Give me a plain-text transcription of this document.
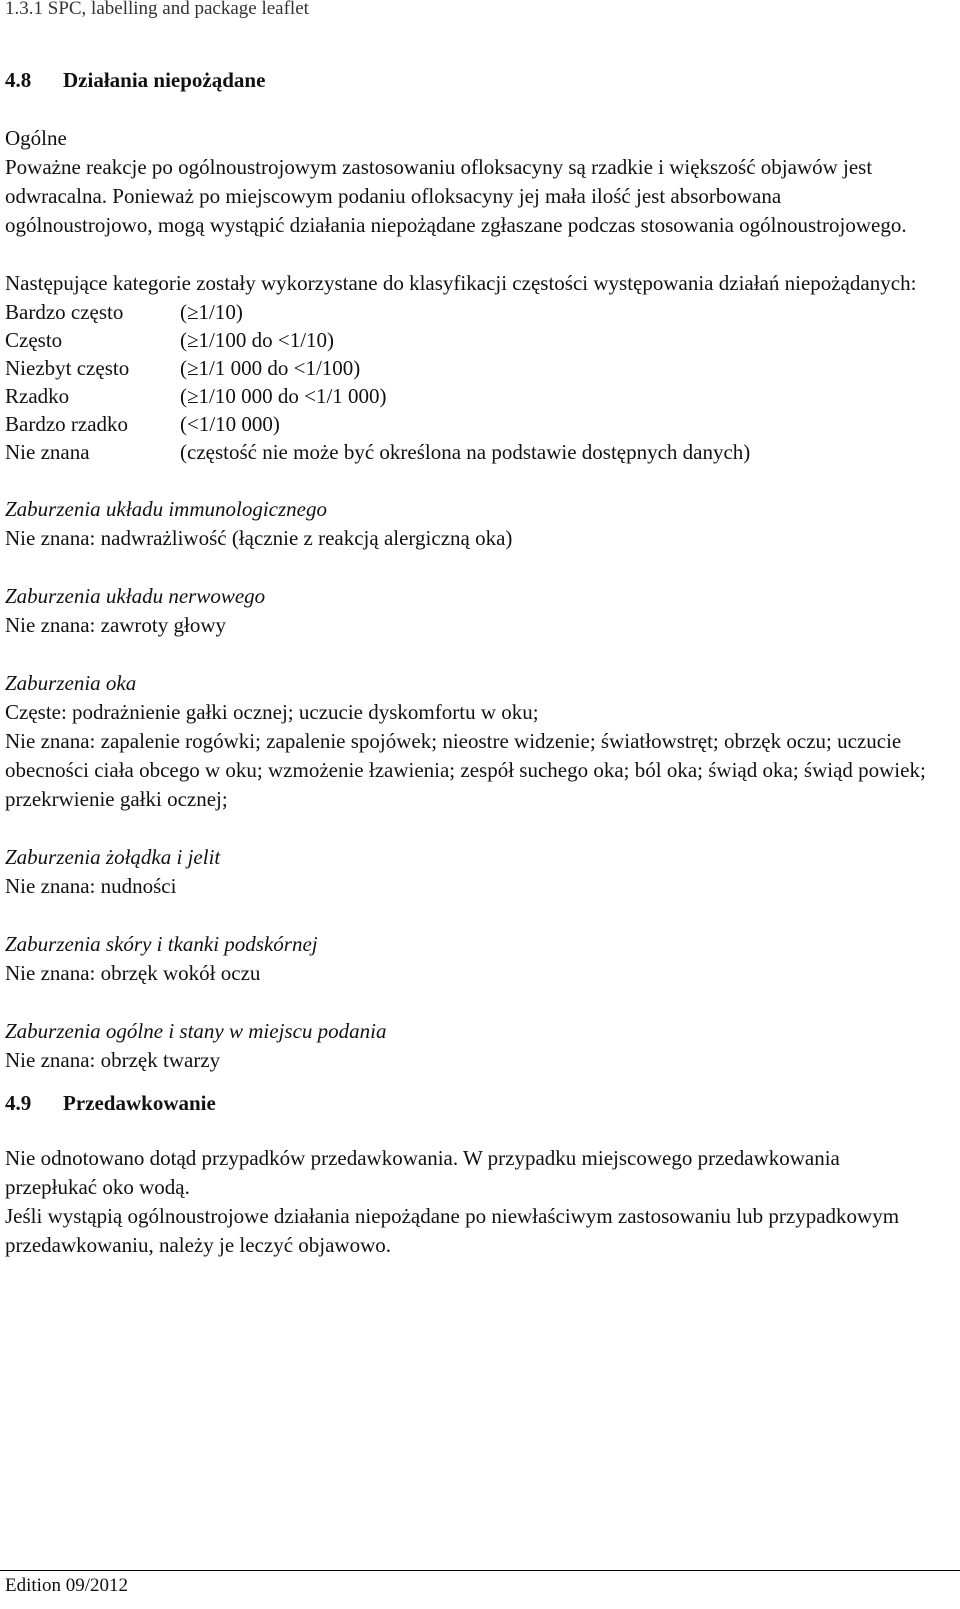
1.3.1 SPC, labelling and package leaflet
4.8	Działania niepożądane

Ogólne

Poważne reakcje po ogólnoustrojowym zastosowaniu ofloksacyny są rzadkie i większość objawów jest odwracalna. Ponieważ po miejscowym podaniu ofloksacyny jej mała ilość jest absorbowana ogólnoustrojowo, mogą wystąpić działania niepożądane zgłaszane podczas stosowania ogólnoustrojowego.

Następujące kategorie zostały wykorzystane do klasyfikacji częstości występowania działań niepożądanych:

Bardzo często	(≥1/10)
Często	(≥1/100 do <1/10)
Niezbyt często	(≥1/1 000 do <1/100)
Rzadko	(≥1/10 000 do <1/1 000)
Bardzo rzadko	(<1/10 000)
Nie znana	(częstość nie może być określona na podstawie dostępnych danych)

Zaburzenia układu immunologicznego

Nie znana: nadwrażliwość (łącznie z reakcją alergiczną oka)

Zaburzenia układu nerwowego

Nie znana: zawroty głowy

Zaburzenia oka

Częste: podrażnienie gałki ocznej; uczucie dyskomfortu w oku;

Nie znana: zapalenie rogówki; zapalenie spojówek; nieostre widzenie; światłowstręt; obrzęk oczu; uczucie obecności ciała obcego w oku; wzmożenie łzawienia; zespół suchego oka; ból oka; świąd oka; świąd powiek; przekrwienie gałki ocznej;

Zaburzenia żołądka i jelit

Nie znana: nudności

Zaburzenia skóry i tkanki podskórnej

Nie znana: obrzęk wokół oczu

Zaburzenia ogólne i stany w miejscu podania

Nie znana: obrzęk twarzy

4.9	Przedawkowanie

Nie odnotowano dotąd przypadków przedawkowania. W przypadku miejscowego przedawkowania przepłukać oko wodą.

Jeśli wystąpią ogólnoustrojowe działania niepożądane po niewłaściwym zastosowaniu lub przypadkowym przedawkowaniu, należy je leczyć objawowo.

Edition 09/2012
